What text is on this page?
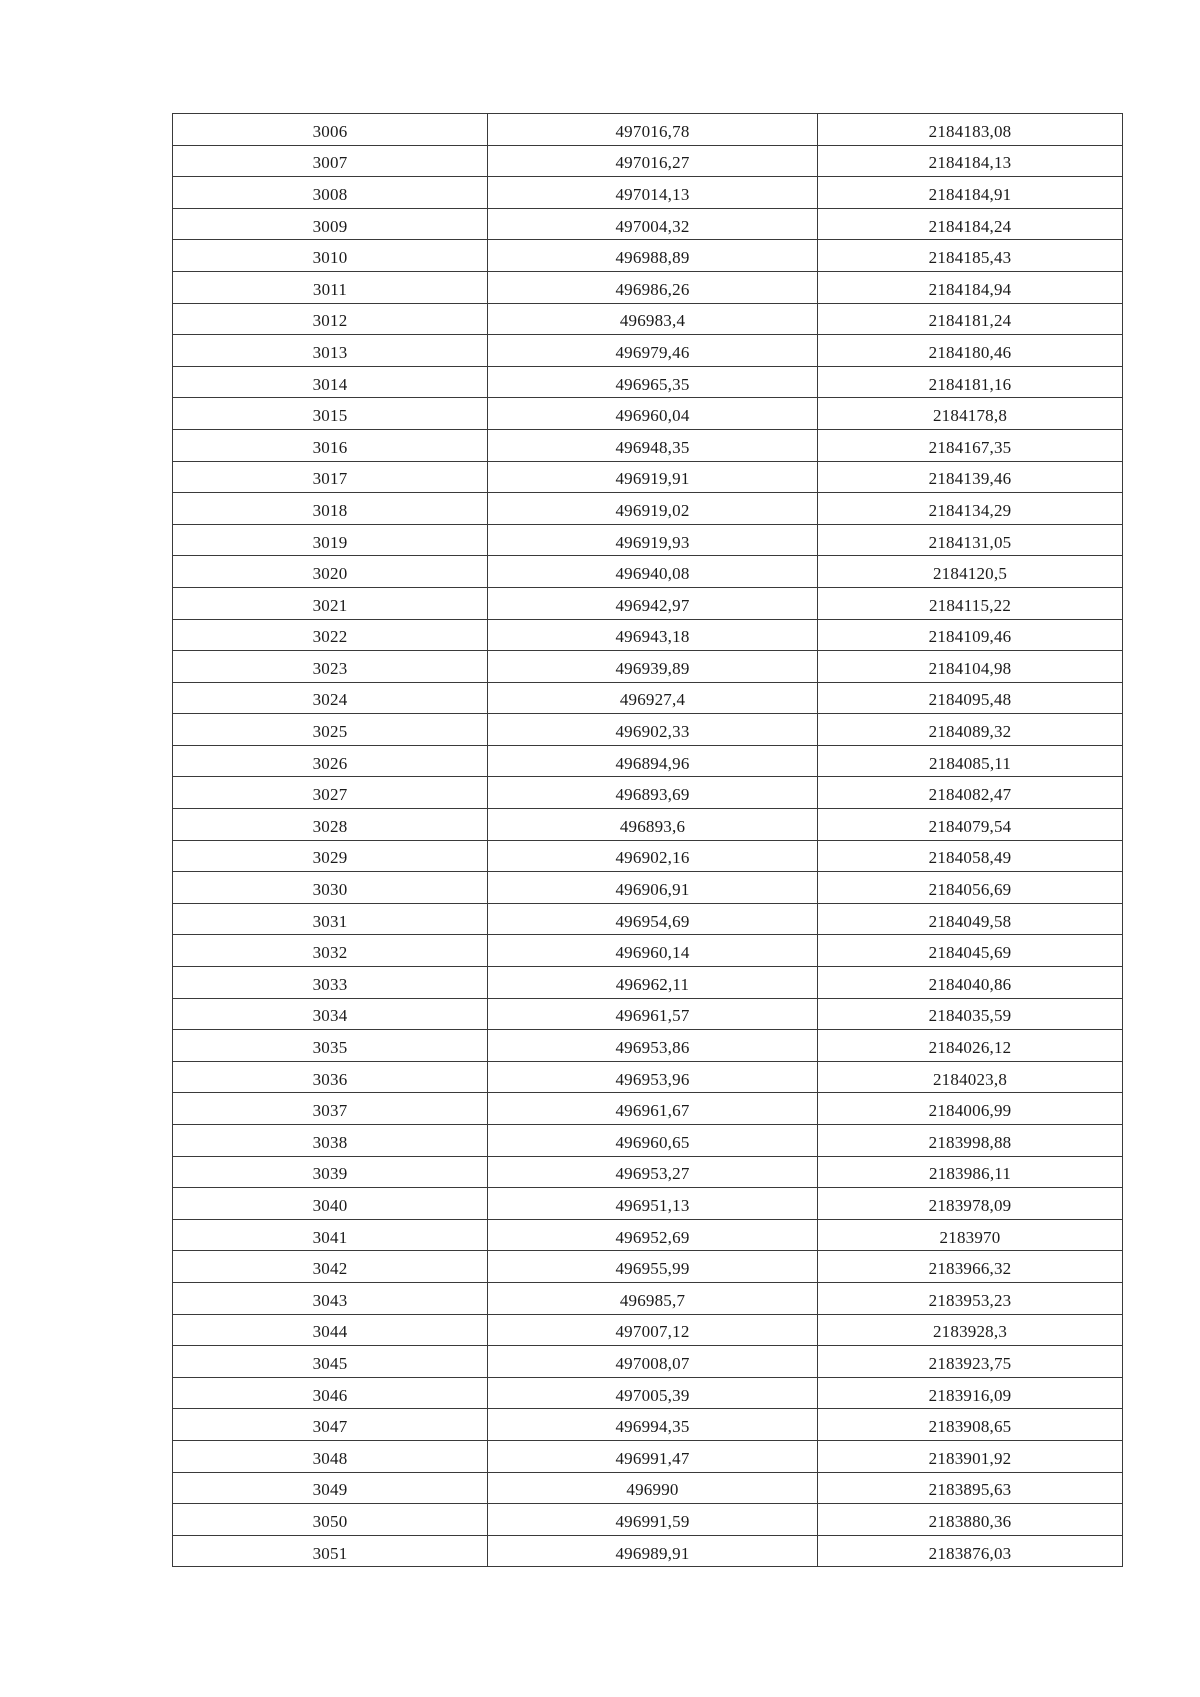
3006	497016,78	2184183,08
3007	497016,27	2184184,13
3008	497014,13	2184184,91
3009	497004,32	2184184,24
3010	496988,89	2184185,43
3011	496986,26	2184184,94
3012	496983,4	2184181,24
3013	496979,46	2184180,46
3014	496965,35	2184181,16
3015	496960,04	2184178,8
3016	496948,35	2184167,35
3017	496919,91	2184139,46
3018	496919,02	2184134,29
3019	496919,93	2184131,05
3020	496940,08	2184120,5
3021	496942,97	2184115,22
3022	496943,18	2184109,46
3023	496939,89	2184104,98
3024	496927,4	2184095,48
3025	496902,33	2184089,32
3026	496894,96	2184085,11
3027	496893,69	2184082,47
3028	496893,6	2184079,54
3029	496902,16	2184058,49
3030	496906,91	2184056,69
3031	496954,69	2184049,58
3032	496960,14	2184045,69
3033	496962,11	2184040,86
3034	496961,57	2184035,59
3035	496953,86	2184026,12
3036	496953,96	2184023,8
3037	496961,67	2184006,99
3038	496960,65	2183998,88
3039	496953,27	2183986,11
3040	496951,13	2183978,09
3041	496952,69	2183970
3042	496955,99	2183966,32
3043	496985,7	2183953,23
3044	497007,12	2183928,3
3045	497008,07	2183923,75
3046	497005,39	2183916,09
3047	496994,35	2183908,65
3048	496991,47	2183901,92
3049	496990	2183895,63
3050	496991,59	2183880,36
3051	496989,91	2183876,03
